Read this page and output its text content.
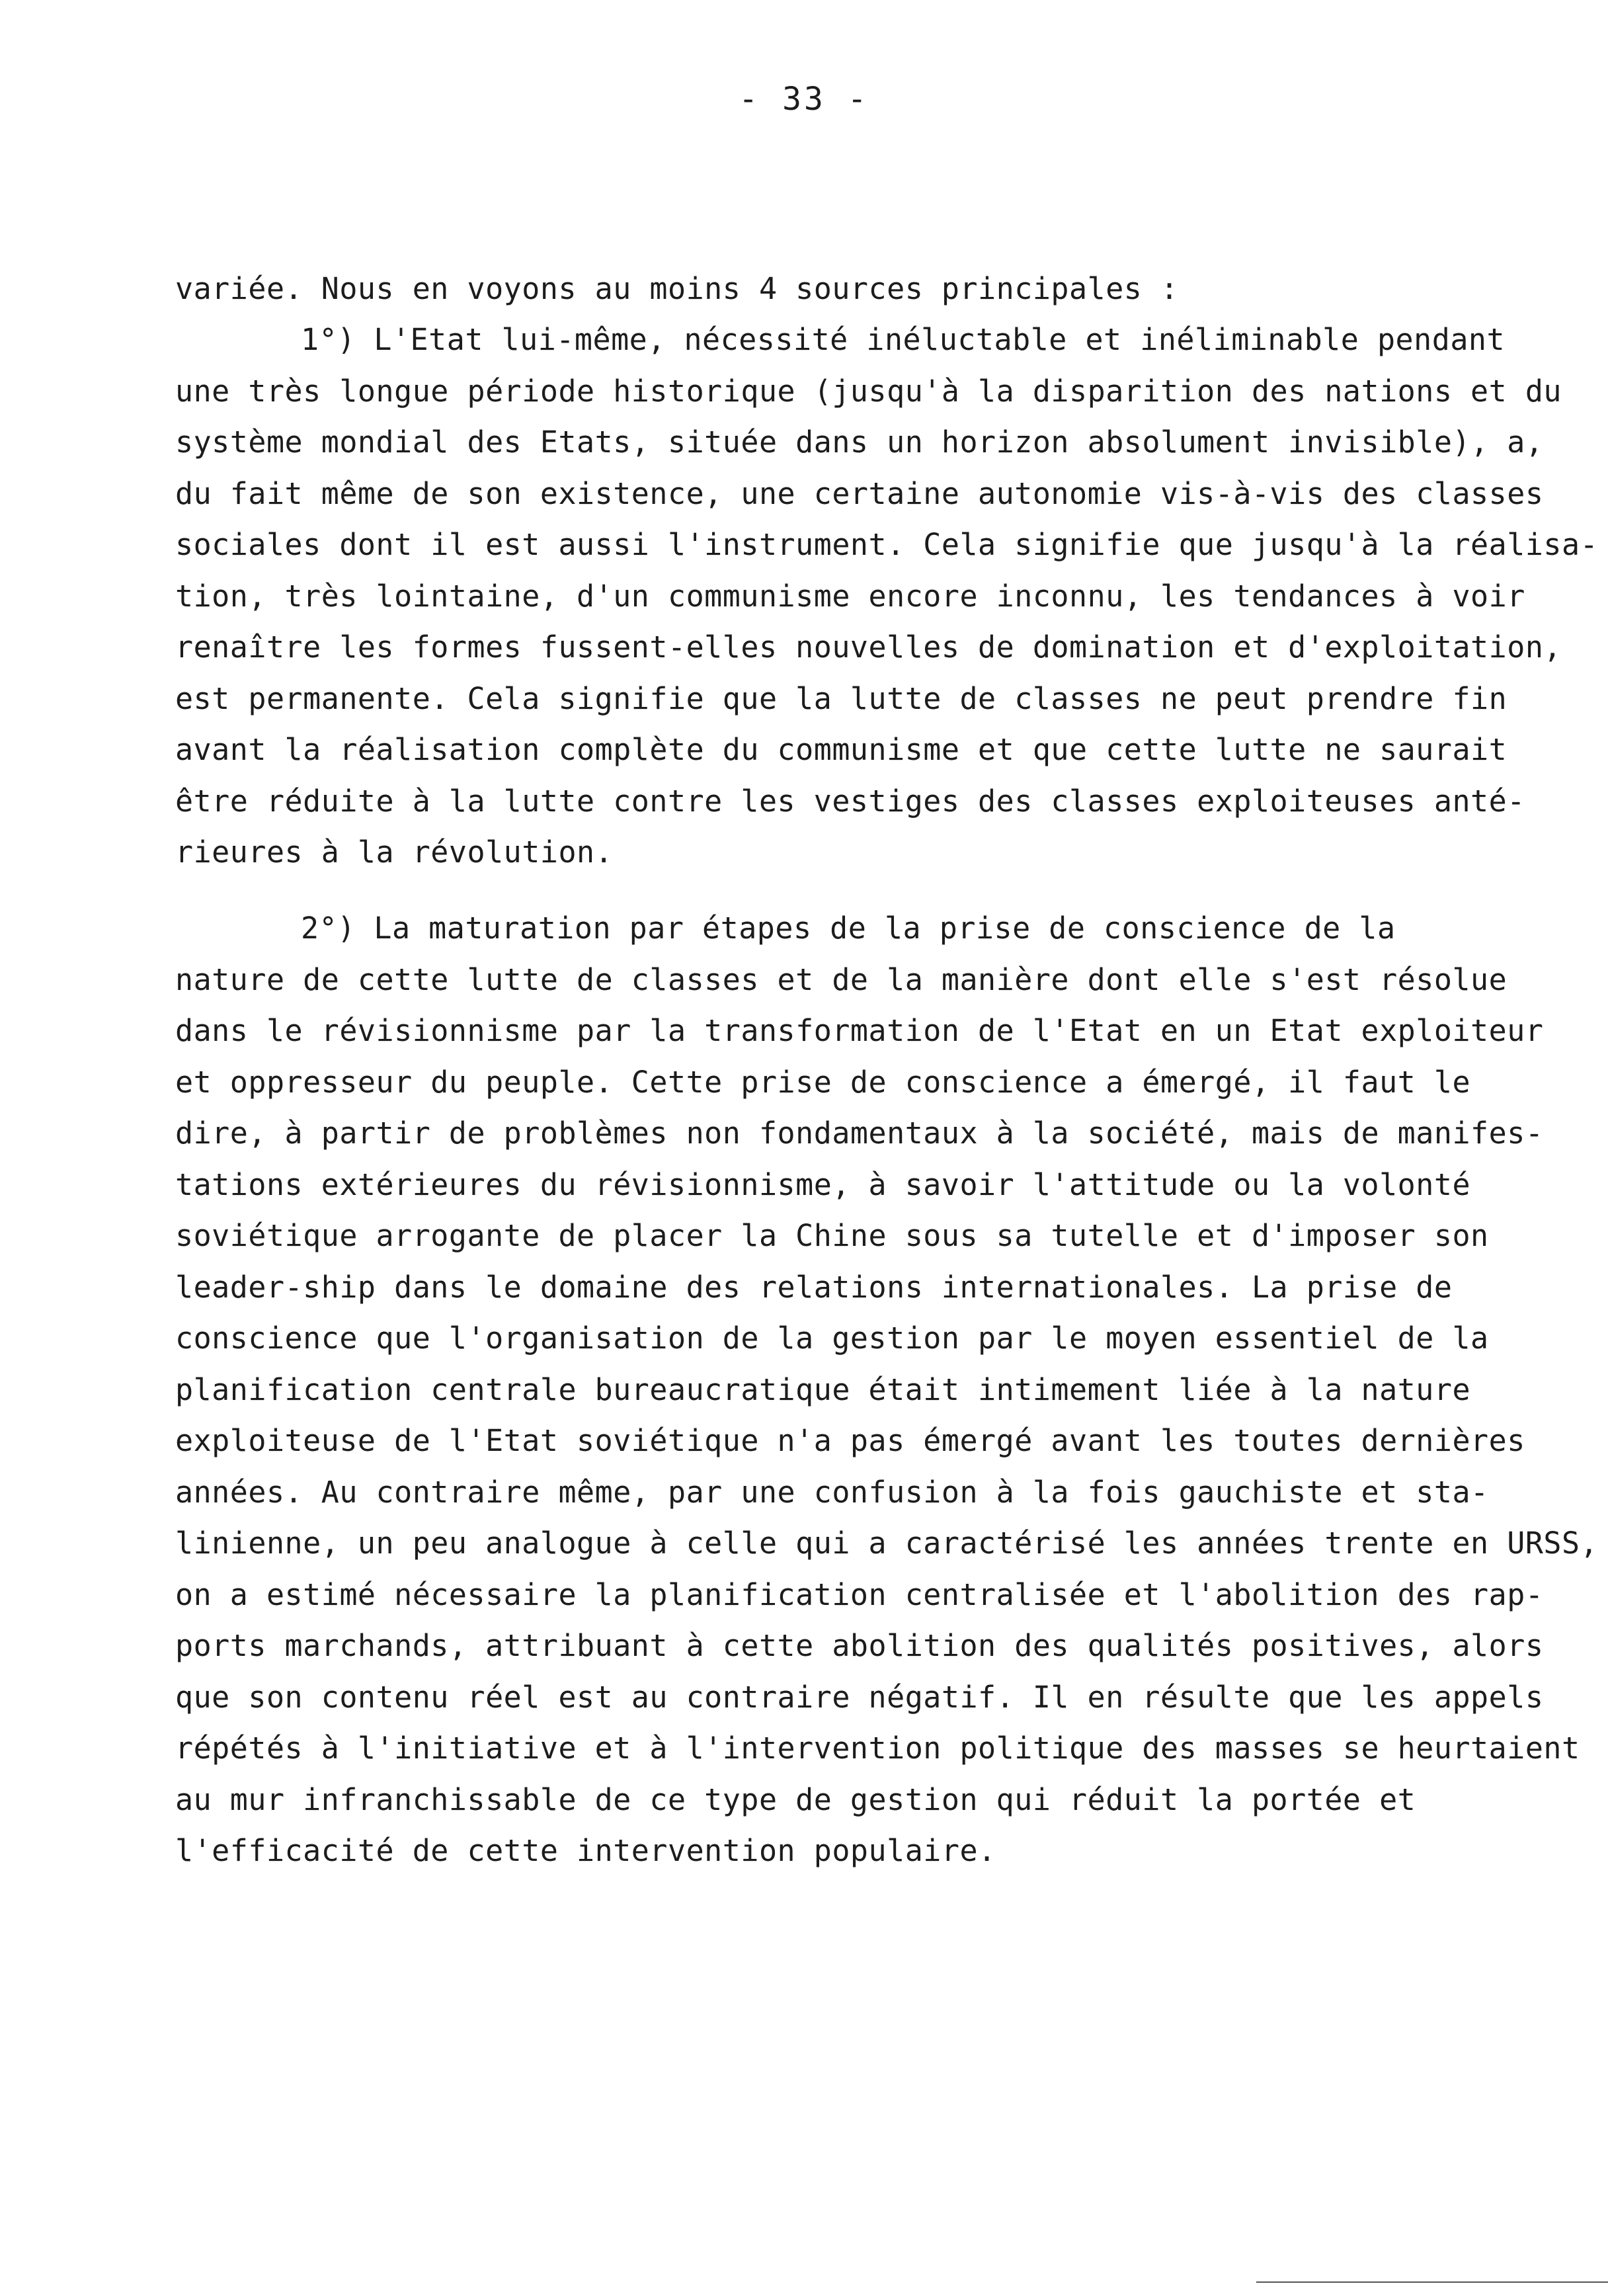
- 33 -
variée. Nous en voyons au moins 4 sources principales :
1°) L'Etat lui-même, nécessité inéluctable et inéliminable pendant
une très longue période historique (jusqu'à la disparition des nations et du
système mondial des Etats, située dans un horizon absolument invisible), a,
du fait même de son existence, une certaine autonomie vis-à-vis des classes
sociales dont il est aussi l'instrument. Cela signifie que jusqu'à la réalisa-
tion, très lointaine, d'un communisme encore inconnu, les tendances à voir
renaître les formes fussent-elles nouvelles de domination et d'exploitation,
est permanente. Cela signifie que la lutte de classes ne peut prendre fin
avant la réalisation complète du communisme et que cette lutte ne saurait
être réduite à la lutte contre les vestiges des classes exploiteuses anté-
rieures à la révolution.
2°) La maturation par étapes de la prise de conscience de la
nature de cette lutte de classes et de la manière dont elle s'est résolue
dans le révisionnisme par la transformation de l'Etat en un Etat exploiteur
et oppresseur du peuple. Cette prise de conscience a émergé, il faut le
dire, à partir de problèmes non fondamentaux à la société, mais de manifes-
tations extérieures du révisionnisme, à savoir l'attitude ou la volonté
soviétique arrogante de placer la Chine sous sa tutelle et d'imposer son
leader-ship dans le domaine des relations internationales. La prise de
conscience que l'organisation de la gestion par le moyen essentiel de la
planification centrale bureaucratique était intimement liée à la nature
exploiteuse de l'Etat soviétique n'a pas émergé avant les toutes dernières
années. Au contraire même, par une confusion à la fois gauchiste et sta-
linienne, un peu analogue à celle qui a caractérisé les années trente en URSS,
on a estimé nécessaire la planification centralisée et l'abolition des rap-
ports marchands, attribuant à cette abolition des qualités positives, alors
que son contenu réel est au contraire négatif. Il en résulte que les appels
répétés à l'initiative et à l'intervention politique des masses se heurtaient
au mur infranchissable de ce type de gestion qui réduit la portée et
l'efficacité de cette intervention populaire.
